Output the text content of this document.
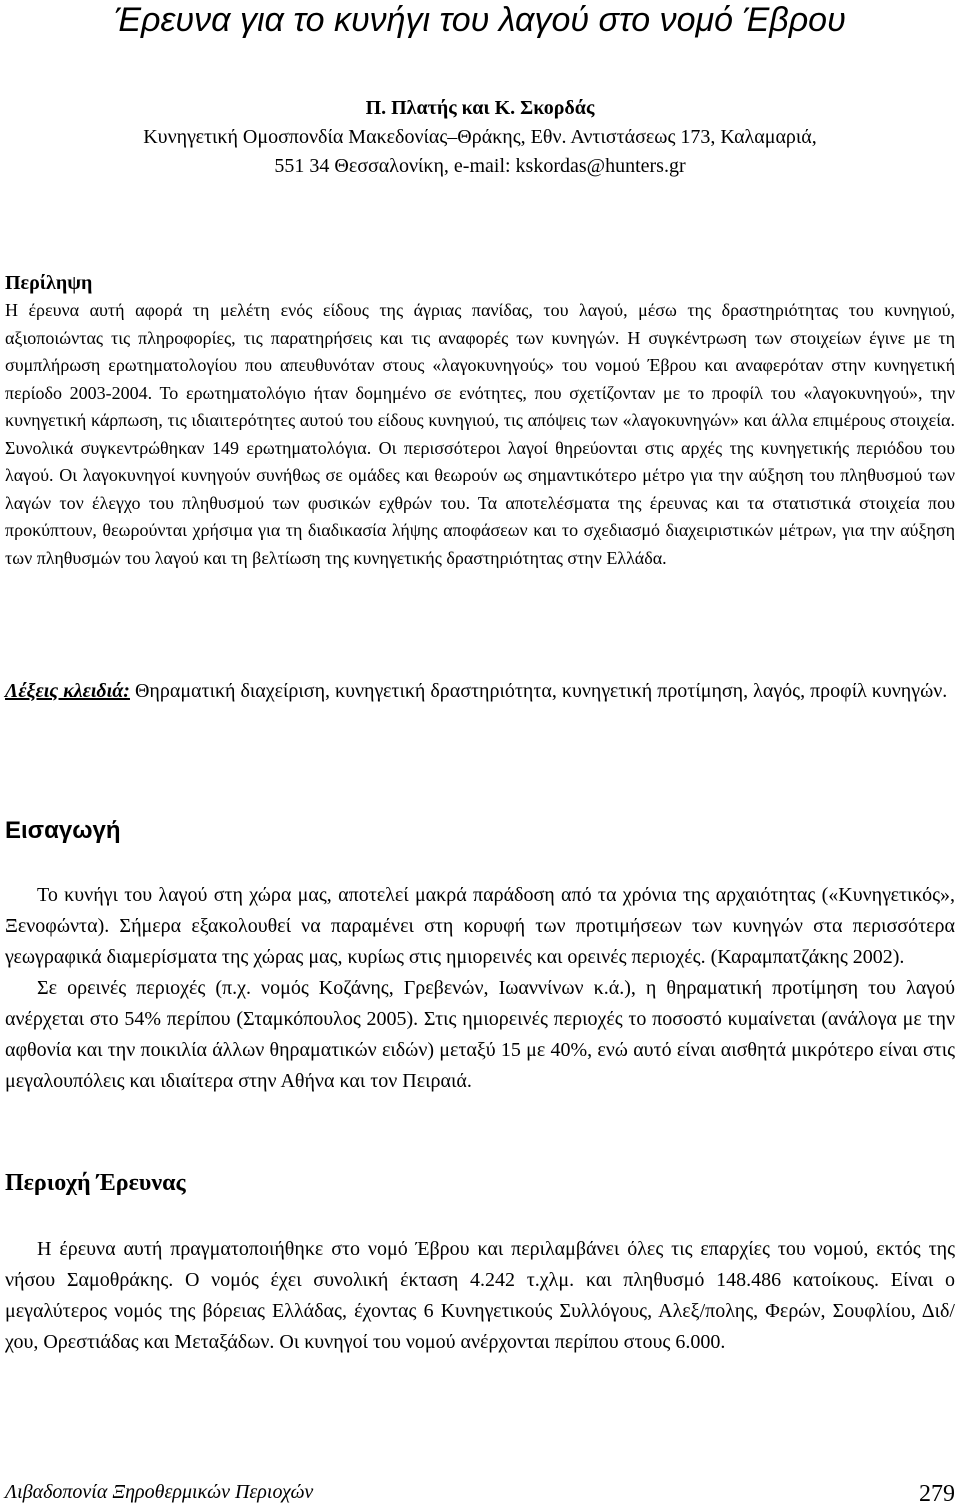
Έρευνα για το κυνήγι του λαγού στο νομό Έβρου
Π. Πλατής και Κ. Σκορδάς
Κυνηγετική Ομοσπονδία Μακεδονίας–Θράκης, Εθν. Αντιστάσεως 173, Καλαμαριά,
551 34 Θεσσαλονίκη, e-mail: kskordas@hunters.gr
Περίληψη

Η έρευνα αυτή αφορά τη μελέτη ενός είδους της άγριας πανίδας, του λαγού, μέσω της δραστηριότητας του κυνηγιού, αξιοποιώντας τις πληροφορίες, τις παρατηρήσεις και τις αναφορές των κυνηγών. Η συγκέντρωση των στοιχείων έγινε με τη συμπλήρωση ερωτηματολογίου που απευθυνόταν στους «λαγοκυνηγούς» του νομού Έβρου και αναφερόταν στην κυνηγετική περίοδο 2003-2004. Το ερωτηματολόγιο ήταν δομημένο σε ενότητες, που σχετίζονταν με το προφίλ του «λαγοκυνηγού», την κυνηγετική κάρπωση, τις ιδιαιτερότητες αυτού του είδους κυνηγιού, τις απόψεις των «λαγοκυνηγών» και άλλα επιμέρους στοιχεία. Συνολικά συγκεντρώθηκαν 149 ερωτηματολόγια. Οι περισσότεροι λαγοί θηρεύονται στις αρχές της κυνηγετικής περιόδου του λαγού. Οι λαγοκυνηγοί κυνηγούν συνήθως σε ομάδες και θεωρούν ως σημαντικότερο μέτρο για την αύξηση του πληθυσμού των λαγών τον έλεγχο του πληθυσμού των φυσικών εχθρών του. Τα αποτελέσματα της έρευνας και τα στατιστικά στοιχεία που προκύπτουν, θεωρούνται χρήσιμα για τη διαδικασία λήψης αποφάσεων και το σχεδιασμό διαχειριστικών μέτρων, για την αύξηση των πληθυσμών του λαγού και τη βελτίωση της κυνηγετικής δραστηριότητας στην Ελλάδα.

Λέξεις κλειδιά: Θηραματική διαχείριση, κυνηγετική δραστηριότητα, κυνηγετική προτίμηση, λαγός, προφίλ κυνηγών.
Εισαγωγή

Το κυνήγι του λαγού στη χώρα μας, αποτελεί μακρά παράδοση από τα χρόνια της αρχαιότητας («Κυνηγετικός», Ξενοφώντα). Σήμερα εξακολουθεί να παραμένει στη κορυφή των προτιμήσεων των κυνηγών στα περισσότερα γεωγραφικά διαμερίσματα της χώρας μας, κυρίως στις ημιορεινές και ορεινές περιοχές. (Καραμπατζάκης 2002).

Σε ορεινές περιοχές (π.χ. νομός Κοζάνης, Γρεβενών, Ιωαννίνων κ.ά.), η θηραματική προτίμηση του λαγού ανέρχεται στο 54% περίπου (Σταμκόπουλος 2005). Στις ημιορεινές περιοχές το ποσοστό κυμαίνεται (ανάλογα με την αφθονία και την ποικιλία άλλων θηραματικών ειδών) μεταξύ 15 με 40%, ενώ αυτό είναι αισθητά μικρότερο είναι στις μεγαλουπόλεις και ιδιαίτερα στην Αθήνα και τον Πειραιά.

Περιοχή Έρευνας

Η έρευνα αυτή πραγματοποιήθηκε στο νομό Έβρου και περιλαμβάνει όλες τις επαρχίες του νομού, εκτός της νήσου Σαμοθράκης. Ο νομός έχει συνολική έκταση 4.242 τ.χλμ. και πληθυσμό 148.486 κατοίκους. Είναι ο μεγαλύτερος νομός της βόρειας Ελλάδας, έχοντας 6 Κυνηγετικούς Συλλόγους, Αλεξ/πολης, Φερών, Σουφλίου, Διδ/χου, Ορεστιάδας και Μεταξάδων. Οι κυνηγοί του νομού ανέρχονται περίπου στους 6.000.

Λιβαδοπονία Ξηροθερμικών Περιοχών	279
